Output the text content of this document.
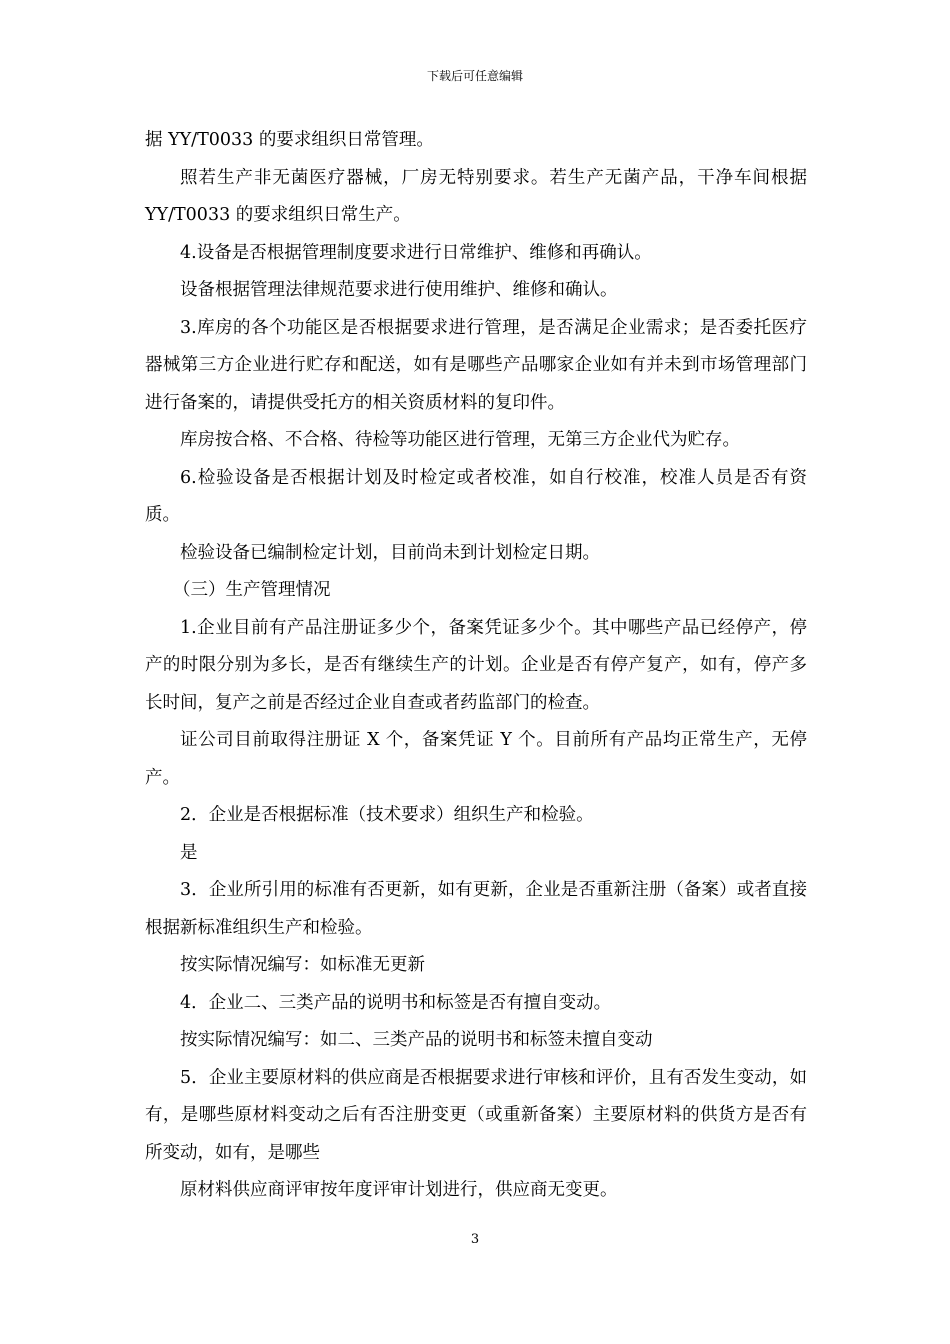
下载后可任意编辑

据 YY/T0033 的要求组织日常管理。

照若生产非无菌医疗器械，厂房无特别要求。若生产无菌产品，干净车间根据 YY/T0033 的要求组织日常生产。

4.设备是否根据管理制度要求进行日常维护、维修和再确认。

设备根据管理法律规范要求进行使用维护、维修和确认。

3.库房的各个功能区是否根据要求进行管理，是否满足企业需求；是否委托医疗器械第三方企业进行贮存和配送，如有是哪些产品哪家企业如有并未到市场管理部门进行备案的，请提供受托方的相关资质材料的复印件。

库房按合格、不合格、待检等功能区进行管理，无第三方企业代为贮存。

6.检验设备是否根据计划及时检定或者校准，如自行校准，校准人员是否有资质。

检验设备已编制检定计划，目前尚未到计划检定日期。

（三）生产管理情况

1.企业目前有产品注册证多少个，备案凭证多少个。其中哪些产品已经停产，停产的时限分别为多长，是否有继续生产的计划。企业是否有停产复产，如有，停产多长时间，复产之前是否经过企业自查或者药监部门的检查。

证公司目前取得注册证 X 个，备案凭证 Y 个。目前所有产品均正常生产，无停产。

2．企业是否根据标准（技术要求）组织生产和检验。

是

3．企业所引用的标准有否更新，如有更新，企业是否重新注册（备案）或者直接根据新标准组织生产和检验。

按实际情况编写：如标准无更新

4．企业二、三类产品的说明书和标签是否有擅自变动。

按实际情况编写：如二、三类产品的说明书和标签未擅自变动

5．企业主要原材料的供应商是否根据要求进行审核和评价，且有否发生变动，如有，是哪些原材料变动之后有否注册变更（或重新备案）主要原材料的供货方是否有所变动，如有，是哪些

原材料供应商评审按年度评审计划进行，供应商无变更。

3
